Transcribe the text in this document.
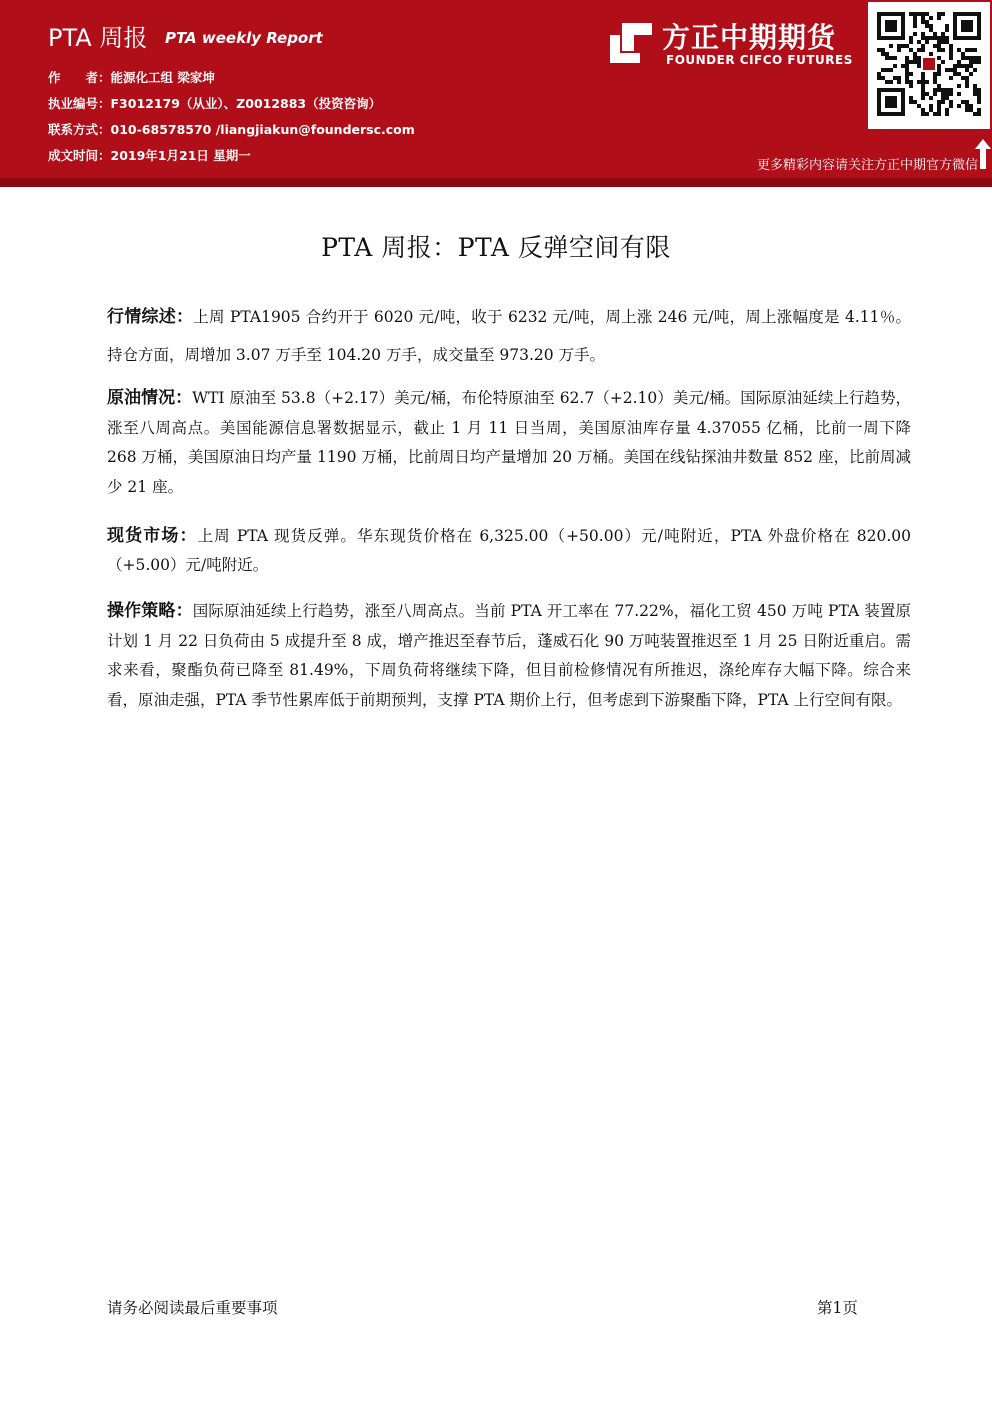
PTA 周报 PTA weekly Report
作　　者：能源化工组 梁家坤
执业编号：F3012179（从业）、Z0012883（投资咨询）
联系方式：010-68578570 /liangjiakun@foundersc.com
成文时间：2019年1月21日 星期一
方正中期期货
FOUNDER CIFCO FUTURES
更多精彩内容请关注方正中期官方微信
PTA 周报：PTA 反弹空间有限
行情综述：上周 PTA1905 合约开于 6020 元/吨，收于 6232 元/吨，周上涨 246 元/吨，周上涨幅度是 4.11％。持仓方面，周增加 3.07 万手至 104.20 万手，成交量至 973.20 万手。
原油情况：WTI 原油至 53.8（+2.17）美元/桶，布伦特原油至 62.7（+2.10）美元/桶。国际原油延续上行趋势，涨至八周高点。美国能源信息署数据显示，截止 1 月 11 日当周，美国原油库存量 4.37055 亿桶，比前一周下降 268 万桶，美国原油日均产量 1190 万桶，比前周日均产量增加 20 万桶。美国在线钻探油井数量 852 座，比前周减少 21 座。
现货市场：上周 PTA 现货反弹。华东现货价格在 6,325.00（+50.00）元/吨附近，PTA 外盘价格在 820.00（+5.00）元/吨附近。
操作策略：国际原油延续上行趋势，涨至八周高点。当前 PTA 开工率在 77.22%，福化工贸 450 万吨 PTA 装置原计划 1 月 22 日负荷由 5 成提升至 8 成，增产推迟至春节后，蓬威石化 90 万吨装置推迟至 1 月 25 日附近重启。需求来看，聚酯负荷已降至 81.49%，下周负荷将继续下降，但目前检修情况有所推迟，涤纶库存大幅下降。综合来看，原油走强，PTA 季节性累库低于前期预判，支撑 PTA 期价上行，但考虑到下游聚酯下降，PTA 上行空间有限。
请务必阅读最后重要事项	第1页
